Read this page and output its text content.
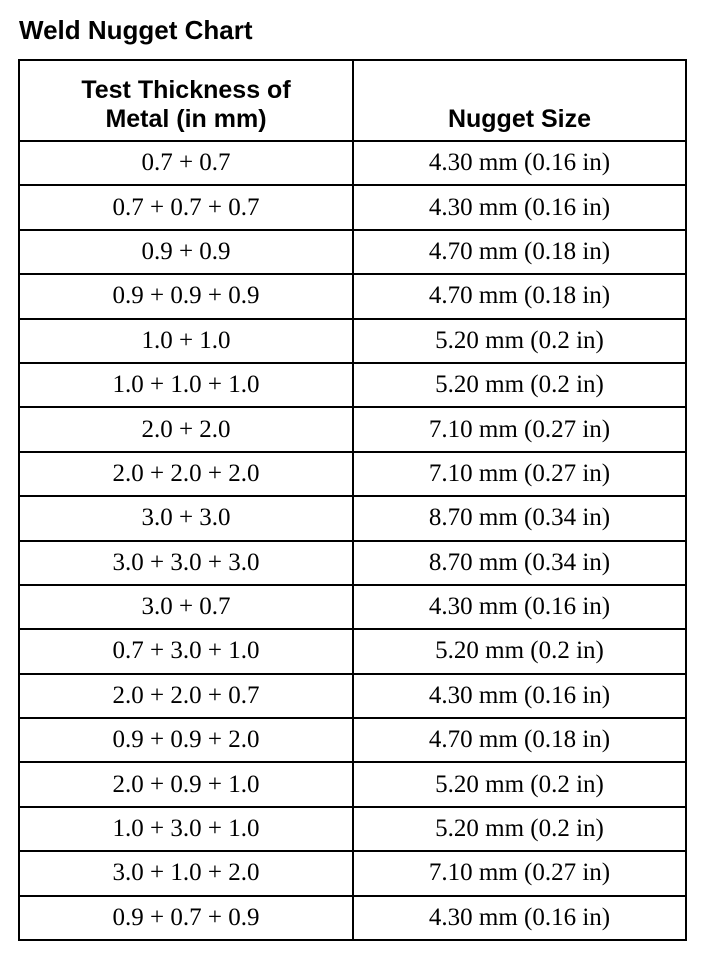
Weld Nugget Chart
Test Thickness of
Metal (in mm)	Nugget Size

0.7 + 0.7	4.30 mm (0.16 in)
0.7 + 0.7 + 0.7	4.30 mm (0.16 in)
0.9 + 0.9	4.70 mm (0.18 in)
0.9 + 0.9 + 0.9	4.70 mm (0.18 in)
1.0 + 1.0	5.20 mm (0.2 in)
1.0 + 1.0 + 1.0	5.20 mm (0.2 in)
2.0 + 2.0	7.10 mm (0.27 in)
2.0 + 2.0 + 2.0	7.10 mm (0.27 in)
3.0 + 3.0	8.70 mm (0.34 in)
3.0 + 3.0 + 3.0	8.70 mm (0.34 in)
3.0 + 0.7	4.30 mm (0.16 in)
0.7 + 3.0 + 1.0	5.20 mm (0.2 in)
2.0 + 2.0 + 0.7	4.30 mm (0.16 in)
0.9 + 0.9 + 2.0	4.70 mm (0.18 in)
2.0 + 0.9 + 1.0	5.20 mm (0.2 in)
1.0 + 3.0 + 1.0	5.20 mm (0.2 in)
3.0 + 1.0 + 2.0	7.10 mm (0.27 in)
0.9 + 0.7 + 0.9	4.30 mm (0.16 in)
